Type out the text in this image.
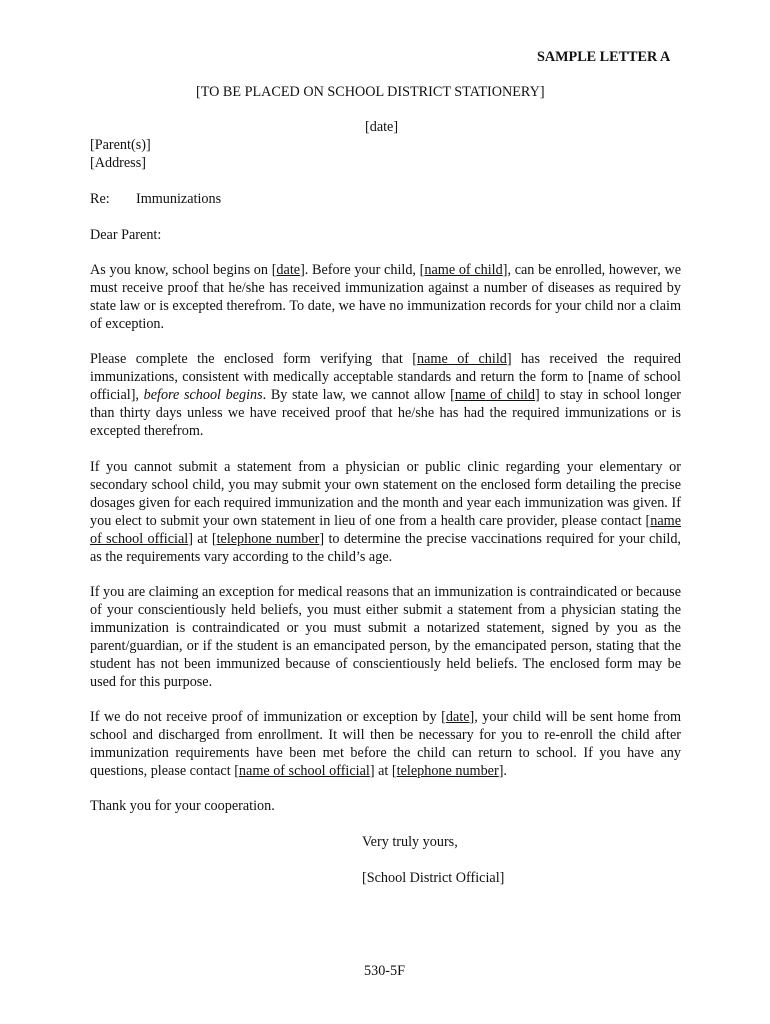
SAMPLE LETTER A
[TO BE PLACED ON SCHOOL DISTRICT STATIONERY]
[date]
[Parent(s)]
[Address]
Re: Immunizations
Dear Parent:
As you know, school begins on [date]. Before your child, [name of child], can be enrolled, however, we must receive proof that he/she has received immunization against a number of diseases as required by state law or is excepted therefrom. To date, we have no immunization records for your child nor a claim of exception.
Please complete the enclosed form verifying that [name of child] has received the required immunizations, consistent with medically acceptable standards and return the form to [name of school official], before school begins. By state law, we cannot allow [name of child] to stay in school longer than thirty days unless we have received proof that he/she has had the required immunizations or is excepted therefrom.
If you cannot submit a statement from a physician or public clinic regarding your elementary or secondary school child, you may submit your own statement on the enclosed form detailing the precise dosages given for each required immunization and the month and year each immunization was given. If you elect to submit your own statement in lieu of one from a health care provider, please contact [name of school official] at [telephone number] to determine the precise vaccinations required for your child, as the requirements vary according to the child’s age.
If you are claiming an exception for medical reasons that an immunization is contraindicated or because of your conscientiously held beliefs, you must either submit a statement from a physician stating the immunization is contraindicated or you must submit a notarized statement, signed by you as the parent/guardian, or if the student is an emancipated person, by the emancipated person, stating that the student has not been immunized because of conscientiously held beliefs. The enclosed form may be used for this purpose.
If we do not receive proof of immunization or exception by [date], your child will be sent home from school and discharged from enrollment. It will then be necessary for you to re-enroll the child after immunization requirements have been met before the child can return to school. If you have any questions, please contact [name of school official] at [telephone number].
Thank you for your cooperation.
Very truly yours,
[School District Official]
530-5F
